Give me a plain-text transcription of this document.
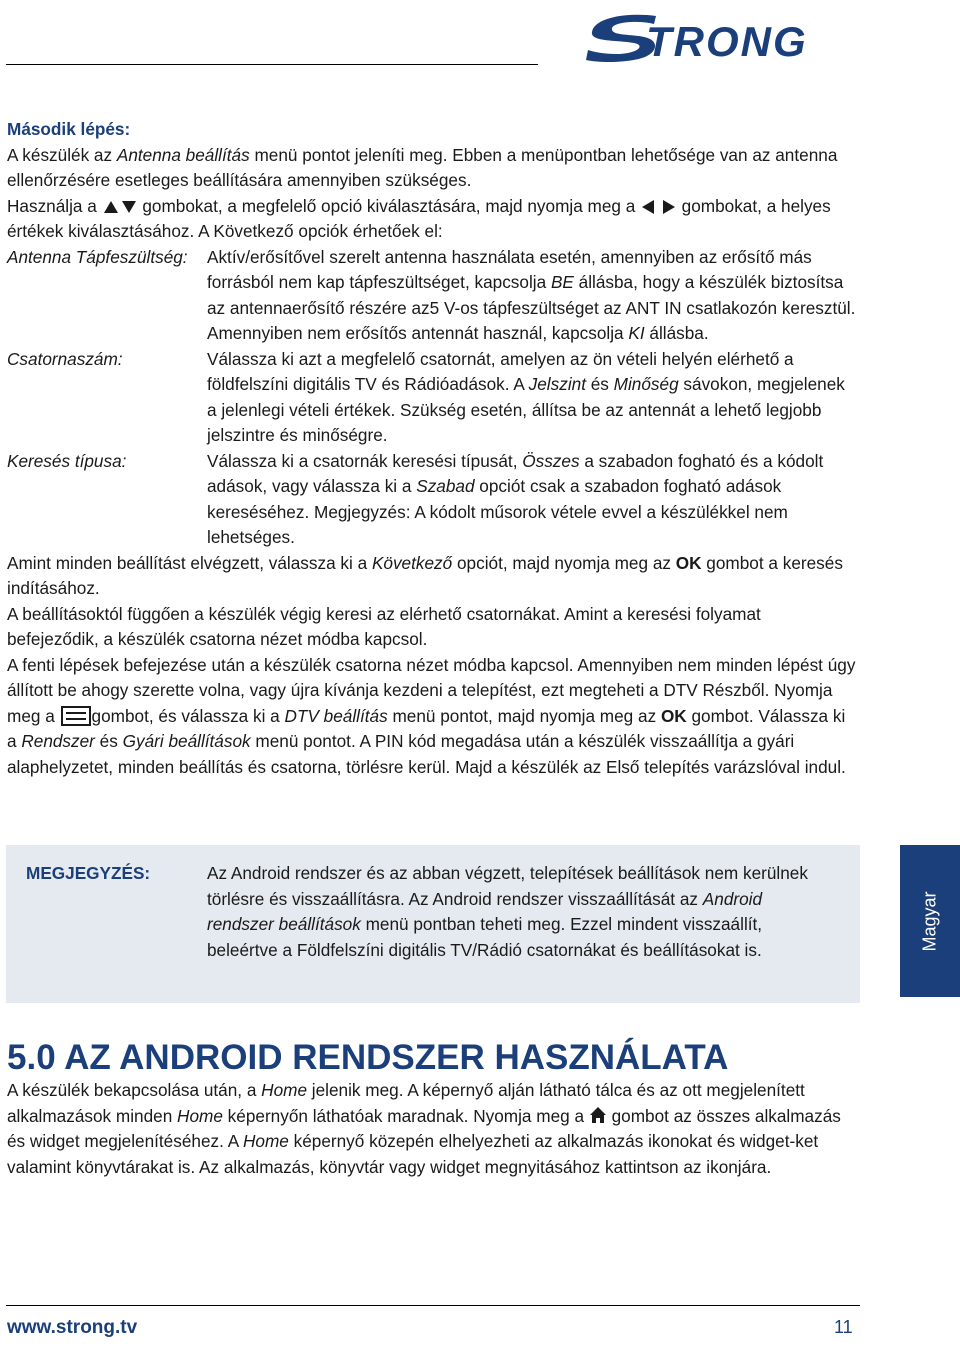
TRONG

Második lépés:

A készülék az Antenna beállítás menü pontot jeleníti meg. Ebben a menüpontban lehetősége van az antenna ellenőrzésére esetleges beállítására amennyiben szükséges.

Használja a  gombokat, a megfelelő opció kiválasztására, majd nyomja meg a   gombokat, a helyes értékek kiválasztásához. A Következő opciók érhetőek el:

Antenna Tápfeszültség:	Aktív/erősítővel szerelt antenna használata esetén, amennyiben az erősítő más forrásból nem kap tápfeszültséget, kapcsolja BE állásba, hogy a készülék biztosítsa az antennaerősítő részére az5 V-os tápfeszültséget az ANT IN csatlakozón keresztül. Amennyiben nem erősítős antennát használ, kapcsolja KI állásba.
Csatornaszám:	Válassza ki azt a megfelelő csatornát, amelyen az ön vételi helyén elérhető a földfelszíni digitális TV és Rádióadások. A Jelszint és Minőség sávokon, megjelenek a jelenlegi vételi értékek. Szükség esetén, állítsa be az antennát a lehető legjobb jelszintre és minőségre.
Keresés típusa:	Válassza ki a csatornák keresési típusát, Összes a szabadon fogható és a kódolt adások, vagy válassza ki a Szabad opciót csak a szabadon fogható adások kereséséhez. Megjegyzés: A kódolt műsorok vétele evvel a készülékkel nem lehetséges.

Amint minden beállítást elvégzett, válassza ki a Következő opciót, majd nyomja meg az OK gombot a keresés indításához.

A beállításoktól függően a készülék végig keresi az elérhető csatornákat. Amint a keresési folyamat befejeződik, a készülék csatorna nézet módba kapcsol.

A fenti lépések befejezése után a készülék csatorna nézet módba kapcsol. Amennyiben nem minden lépést úgy állított be ahogy szerette volna, vagy újra kívánja kezdeni a telepítést, ezt megteheti a DTV Részből. Nyomja meg a gombot, és válassza ki a DTV beállítás menü pontot, majd nyomja meg az OK gombot. Válassza ki a Rendszer és Gyári beállítások menü pontot. A PIN kód megadása után a készülék visszaállítja a gyári alaphelyzetet, minden beállítás és csatorna, törlésre kerül. Majd a készülék az Első telepítés varázslóval indul.

MEGJEGYZÉS:	Az Android rendszer és az abban végzett, telepítések beállítások nem kerülnek törlésre és visszaállításra. Az Android rendszer visszaállítását az Android rendszer beállítások menü pontban teheti meg. Ezzel mindent visszaállít, beleértve a Földfelszíni digitális TV/Rádió csatornákat és beállításokat is.	Magyar
5.0 AZ ANDROID RENDSZER HASZNÁLATA

A készülék bekapcsolása után, a Home jelenik meg. A képernyő alján látható tálca és az ott megjelenített alkalmazások minden Home képernyőn láthatóak maradnak. Nyomja meg a  gombot az összes alkalmazás és widget megjelenítéséhez. A Home képernyő közepén elhelyezheti az alkalmazás ikonokat és widget-ket valamint könyvtárakat is. Az alkalmazás, könyvtár vagy widget megnyitásához kattintson az ikonjára.

www.strong.tv	11
